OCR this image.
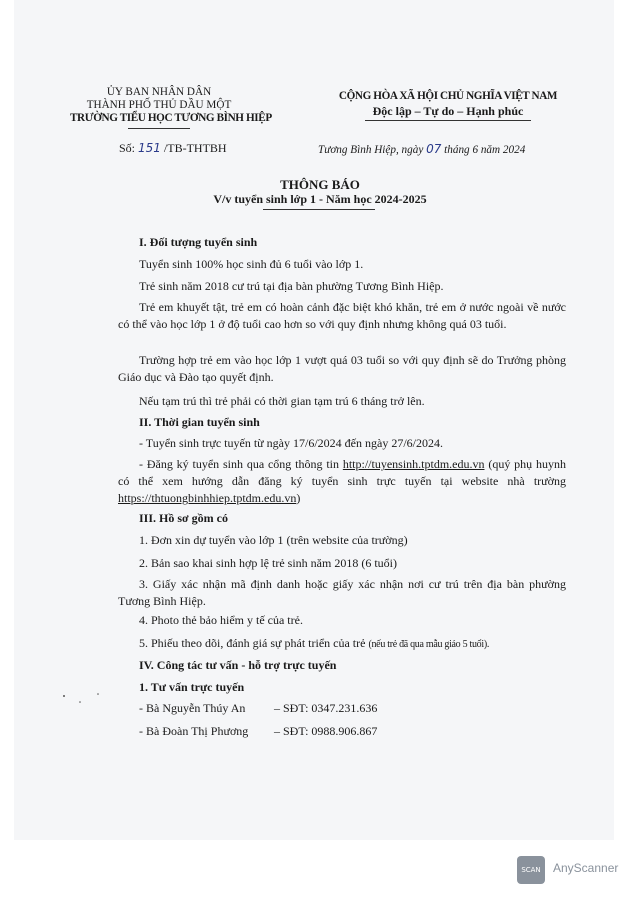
ỦY BAN NHÂN DÂN
THÀNH PHỐ THỦ DẦU MỘT
TRƯỜNG TIỂU HỌC TƯƠNG BÌNH HIỆP
Số: 151 /TB-THTBH
CỘNG HÒA XÃ HỘI CHỦ NGHĨA VIỆT NAM
Độc lập – Tự do – Hạnh phúc
Tương Bình Hiệp, ngày 07 tháng 6 năm 2024
THÔNG BÁO
V/v tuyển sinh lớp 1 - Năm học 2024-2025
I. Đối tượng tuyển sinh
Tuyển sinh 100% học sinh đủ 6 tuổi vào lớp 1.
Trẻ sinh năm 2018 cư trú tại địa bàn phường Tương Bình Hiệp.
Trẻ em khuyết tật, trẻ em có hoàn cảnh đặc biệt khó khăn, trẻ em ở nước ngoài về nước có thể vào học lớp 1 ở độ tuổi cao hơn so với quy định nhưng không quá 03 tuổi.
Trường hợp trẻ em vào học lớp 1 vượt quá 03 tuổi so với quy định sẽ do Trưởng phòng Giáo dục và Đào tạo quyết định.
Nếu tạm trú thì trẻ phải có thời gian tạm trú 6 tháng trở lên.
II. Thời gian tuyển sinh
- Tuyển sinh trực tuyến từ ngày 17/6/2024 đến ngày 27/6/2024.
- Đăng ký tuyển sinh qua cổng thông tin http://tuyensinh.tptdm.edu.vn (quý phụ huynh có thể xem hướng dẫn đăng ký tuyển sinh trực tuyến tại website nhà trường https://thtuongbinhhiep.tptdm.edu.vn)
III. Hồ sơ gồm có
1. Đơn xin dự tuyển vào lớp 1 (trên website của trường)
2. Bản sao khai sinh hợp lệ trẻ sinh năm 2018 (6 tuổi)
3. Giấy xác nhận mã định danh hoặc giấy xác nhận nơi cư trú trên địa bàn phường Tương Bình Hiệp.
4. Photo thẻ bảo hiểm y tế của trẻ.
5. Phiếu theo dõi, đánh giá sự phát triển của trẻ (nếu trẻ đã qua mẫu giáo 5 tuổi).
IV. Công tác tư vấn - hỗ trợ trực tuyến
1. Tư vấn trực tuyến
- Bà Nguyễn Thúy An – SĐT: 0347.231.636
- Bà Đoàn Thị Phương – SĐT: 0988.906.867
SCAN	AnyScanner
